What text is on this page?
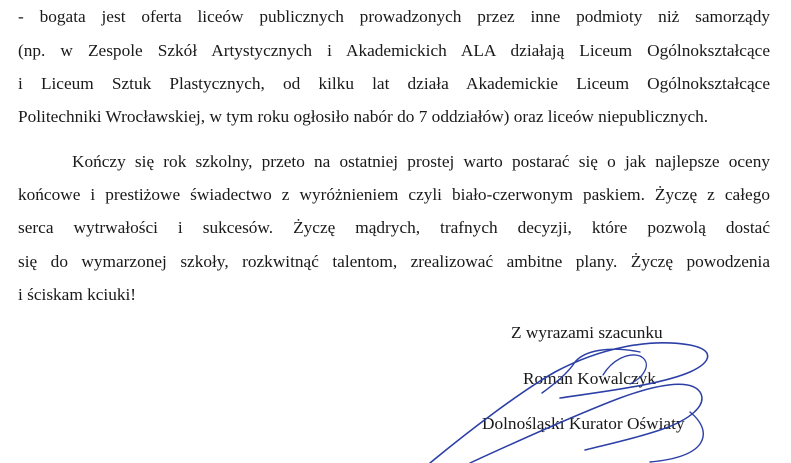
- bogata jest oferta liceów publicznych prowadzonych przez inne podmioty niż samorządy

(np. w Zespole Szkół Artystycznych i Akademickich ALA działają Liceum Ogólnokształcące

i Liceum Sztuk Plastycznych, od kilku lat działa Akademickie Liceum Ogólnokształcące

Politechniki Wrocławskiej, w tym roku ogłosiło nabór do 7 oddziałów) oraz liceów niepublicznych.

Kończy się rok szkolny, przeto na ostatniej prostej warto postarać się o jak najlepsze oceny

końcowe i prestiżowe świadectwo z wyróżnieniem czyli biało-czerwonym paskiem. Życzę z całego

serca wytrwałości i sukcesów. Życzę mądrych, trafnych decyzji, które pozwolą dostać

się do wymarzonej szkoły, rozkwitnąć talentom, zrealizować ambitne plany. Życzę powodzenia

i ściskam kciuki!

Z wyrazami szacunku

Roman Kowalczyk

Dolnośląski Kurator Oświaty
